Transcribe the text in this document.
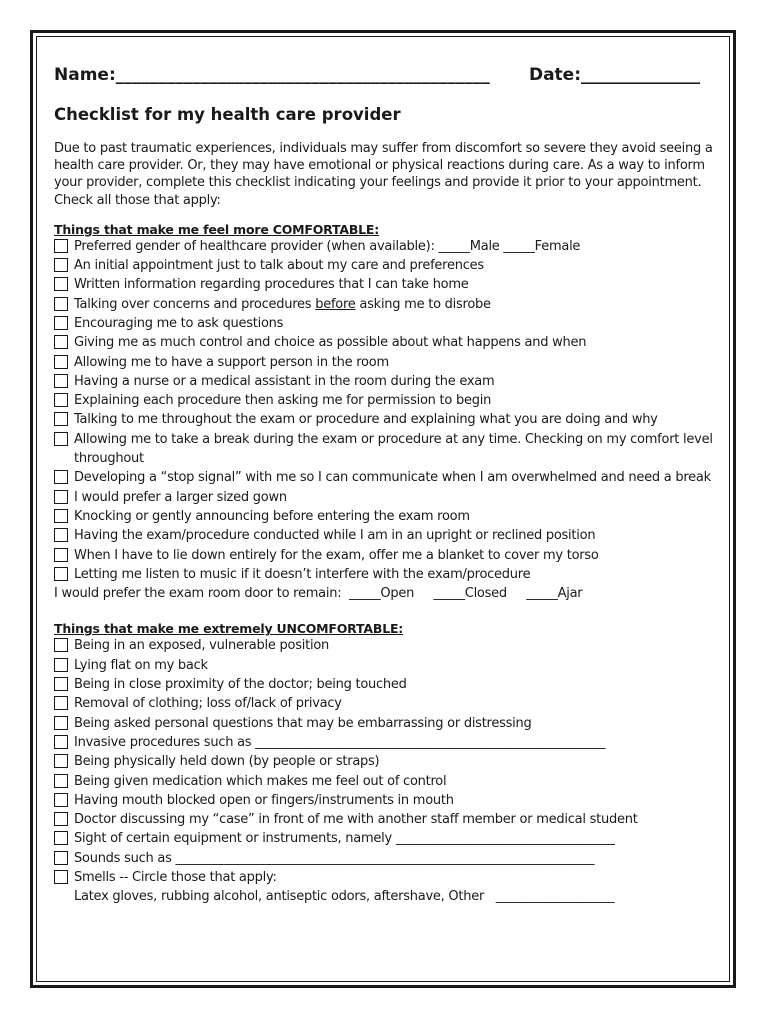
Name:____________________________________________ Date:______________
Checklist for my health care provider
Due to past traumatic experiences, individuals may suffer from discomfort so severe they avoid seeing a health care provider. Or, they may have emotional or physical reactions during care. As a way to inform your provider, complete this checklist indicating your feelings and provide it prior to your appointment. Check all those that apply:
Things that make me feel more COMFORTABLE:
Preferred gender of healthcare provider (when available): _____Male _____Female
An initial appointment just to talk about my care and preferences
Written information regarding procedures that I can take home
Talking over concerns and procedures before asking me to disrobe
Encouraging me to ask questions
Giving me as much control and choice as possible about what happens and when
Allowing me to have a support person in the room
Having a nurse or a medical assistant in the room during the exam
Explaining each procedure then asking me for permission to begin
Talking to me throughout the exam or procedure and explaining what you are doing and why
Allowing me to take a break during the exam or procedure at any time. Checking on my comfort level throughout
Developing a “stop signal” with me so I can communicate when I am overwhelmed and need a break
I would prefer a larger sized gown
Knocking or gently announcing before entering the exam room
Having the exam/procedure conducted while I am in an upright or reclined position
When I have to lie down entirely for the exam, offer me a blanket to cover my torso
Letting me listen to music if it doesn’t interfere with the exam/procedure
I would prefer the exam room door to remain:  _____Open     _____Closed     _____Ajar
Things that make me extremely UNCOMFORTABLE:
Being in an exposed, vulnerable position
Lying flat on my back
Being in close proximity of the doctor; being touched
Removal of clothing; loss of/lack of privacy
Being asked personal questions that may be embarrassing or distressing
Invasive procedures such as ________________________________________________________
Being physically held down (by people or straps)
Being given medication which makes me feel out of control
Having mouth blocked open or fingers/instruments in mouth
Doctor discussing my “case” in front of me with another staff member or medical student
Sight of certain equipment or instruments, namely ___________________________________
Sounds such as ___________________________________________________________________
Smells -- Circle those that apply:
Latex gloves, rubbing alcohol, antiseptic odors, aftershave, Other   ___________________
